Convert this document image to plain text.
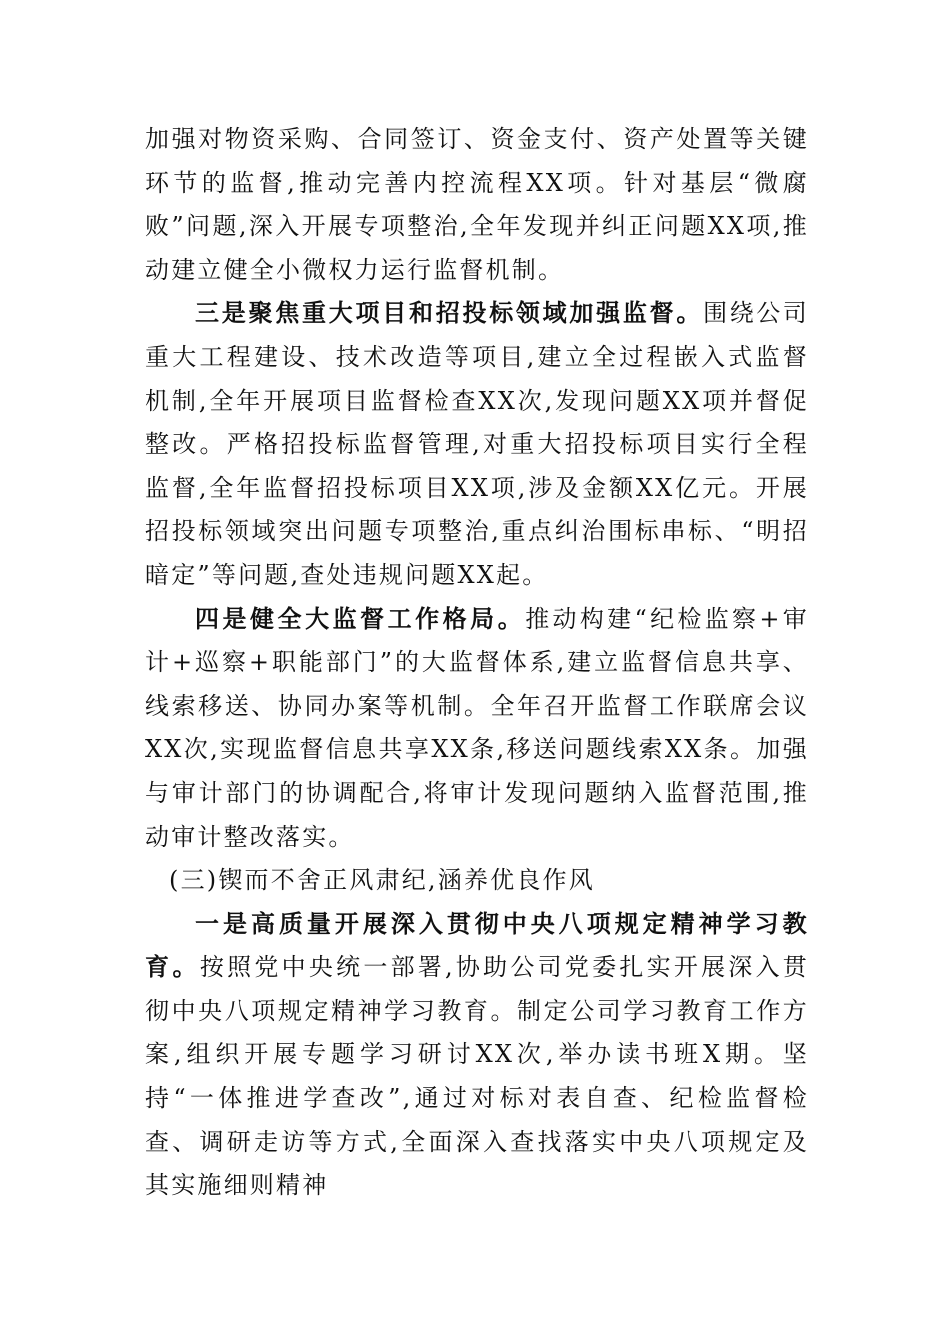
加强对物资采购、合同签订、资金支付、资产处置等关键环节的监督,推动完善内控流程XX项。针对基层“微腐败”问题,深入开展专项整治,全年发现并纠正问题XX项,推动建立健全小微权力运行监督机制。

三是聚焦重大项目和招投标领域加强监督。围绕公司重大工程建设、技术改造等项目,建立全过程嵌入式监督机制,全年开展项目监督检查XX次,发现问题XX项并督促整改。严格招投标监督管理,对重大招投标项目实行全程监督,全年监督招投标项目XX项,涉及金额XX亿元。开展招投标领域突出问题专项整治,重点纠治围标串标、“明招暗定”等问题,查处违规问题XX起。

四是健全大监督工作格局。推动构建“纪检监察+审计+巡察+职能部门”的大监督体系,建立监督信息共享、线索移送、协同办案等机制。全年召开监督工作联席会议XX次,实现监督信息共享XX条,移送问题线索XX条。加强与审计部门的协调配合,将审计发现问题纳入监督范围,推动审计整改落实。

(三)锲而不舍正风肃纪,涵养优良作风

一是高质量开展深入贯彻中央八项规定精神学习教育。按照党中央统一部署,协助公司党委扎实开展深入贯彻中央八项规定精神学习教育。制定公司学习教育工作方案,组织开展专题学习研讨XX次,举办读书班X期。坚持“一体推进学查改”,通过对标对表自查、纪检监督检查、调研走访等方式,全面深入查找落实中央八项规定及其实施细则精神
